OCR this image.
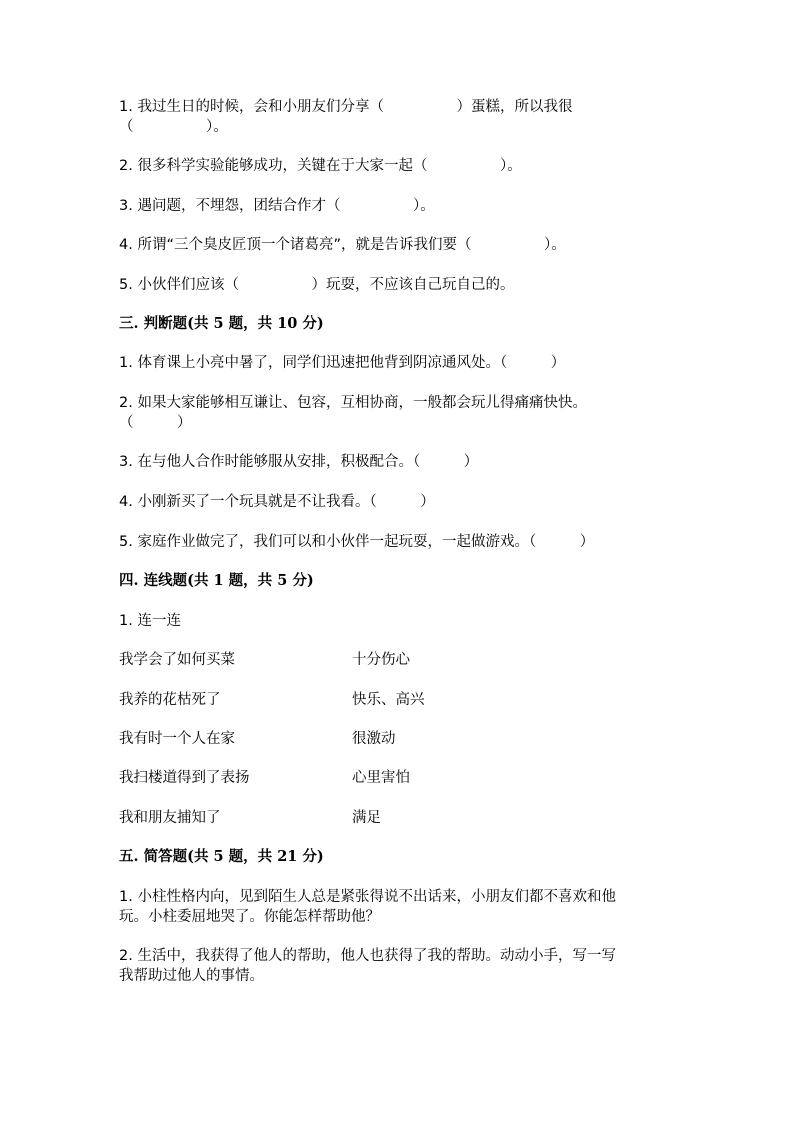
1. 我过生日的时候，会和小朋友们分享（　　　　　）蛋糕，所以我很
（　　　　　）。
2. 很多科学实验能够成功，关键在于大家一起（　　　　　）。
3. 遇问题，不埋怨，团结合作才（　　　　　）。
4. 所谓“三个臭皮匠顶一个诸葛亮”，就是告诉我们要（　　　　　）。
5. 小伙伴们应该（　　　　　）玩耍，不应该自己玩自己的。
三. 判断题(共 5 题，共 10 分)
1. 体育课上小亮中暑了，同学们迅速把他背到阴凉通风处。（　　　）
2. 如果大家能够相互谦让、包容，互相协商，一般都会玩儿得痛痛快快。
（　　　）
3. 在与他人合作时能够服从安排，积极配合。（　　　）
4. 小刚新买了一个玩具就是不让我看。（　　　）
5. 家庭作业做完了，我们可以和小伙伴一起玩耍，一起做游戏。（　　　）
四. 连线题(共 1 题，共 5 分)
1. 连一连
我学会了如何买菜	十分伤心
我养的花枯死了	快乐、高兴
我有时一个人在家	很激动
我扫楼道得到了表扬	心里害怕
我和朋友捕知了	满足
五. 简答题(共 5 题，共 21 分)
1. 小柱性格内向，见到陌生人总是紧张得说不出话来，小朋友们都不喜欢和他
玩。小柱委屈地哭了。你能怎样帮助他？
2. 生活中，我获得了他人的帮助，他人也获得了我的帮助。动动小手，写一写
我帮助过他人的事情。
